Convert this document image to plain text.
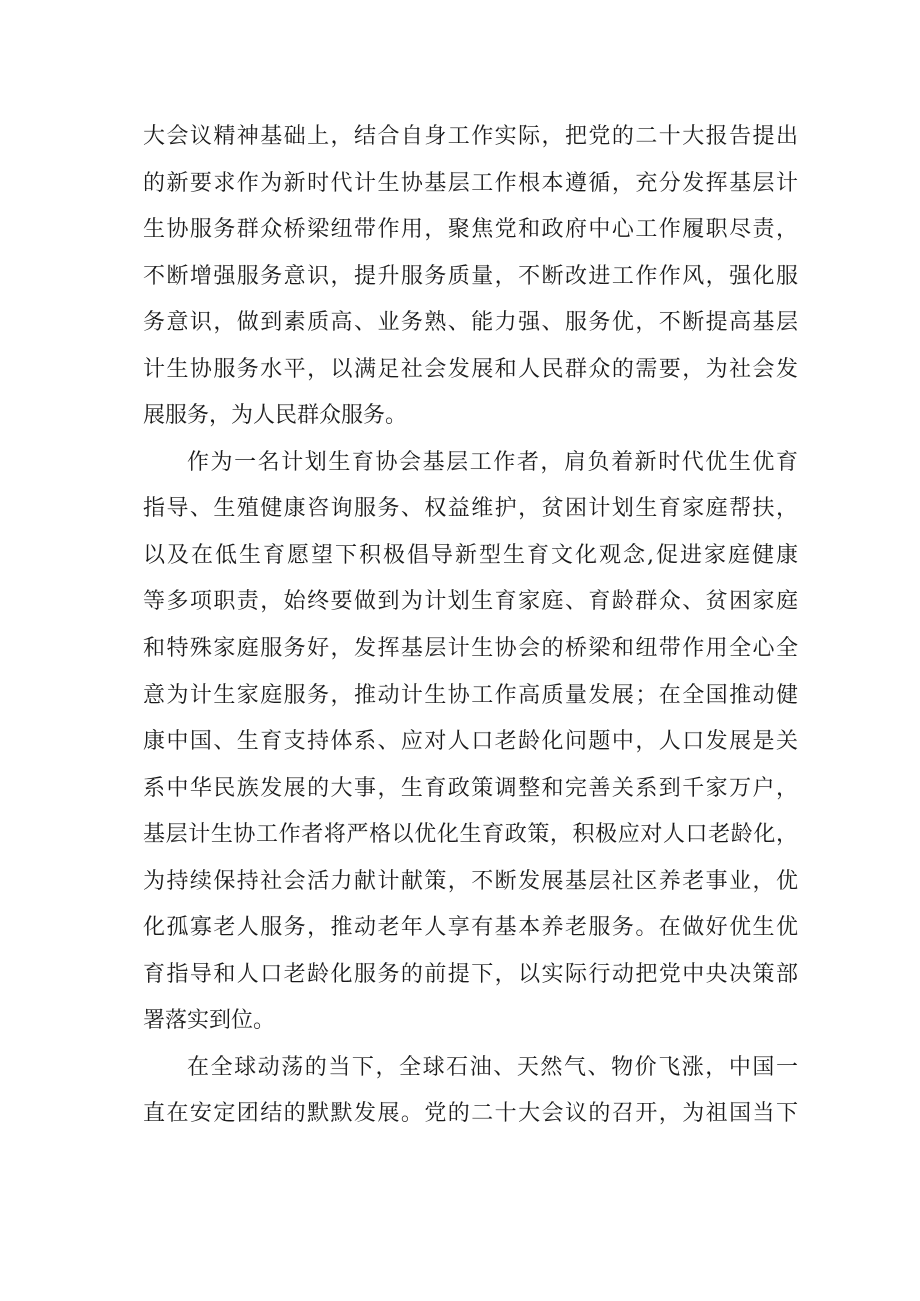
大会议精神基础上，结合自身工作实际，把党的二十大报告提出
的新要求作为新时代计生协基层工作根本遵循，充分发挥基层计
生协服务群众桥梁纽带作用，聚焦党和政府中心工作履职尽责，
不断增强服务意识，提升服务质量，不断改进工作作风，强化服
务意识，做到素质高、业务熟、能力强、服务优，不断提高基层
计生协服务水平，以满足社会发展和人民群众的需要，为社会发
展服务，为人民群众服务。
作为一名计划生育协会基层工作者，肩负着新时代优生优育
指导、生殖健康咨询服务、权益维护，贫困计划生育家庭帮扶，
以及在低生育愿望下积极倡导新型生育文化观念,促进家庭健康
等多项职责，始终要做到为计划生育家庭、育龄群众、贫困家庭
和特殊家庭服务好，发挥基层计生协会的桥梁和纽带作用全心全
意为计生家庭服务，推动计生协工作高质量发展；在全国推动健
康中国、生育支持体系、应对人口老龄化问题中，人口发展是关
系中华民族发展的大事，生育政策调整和完善关系到千家万户，
基层计生协工作者将严格以优化生育政策，积极应对人口老龄化，
为持续保持社会活力献计献策，不断发展基层社区养老事业，优
化孤寡老人服务，推动老年人享有基本养老服务。在做好优生优
育指导和人口老龄化服务的前提下，以实际行动把党中央决策部
署落实到位。
在全球动荡的当下，全球石油、天然气、物价飞涨，中国一
直在安定团结的默默发展。党的二十大会议的召开，为祖国当下
